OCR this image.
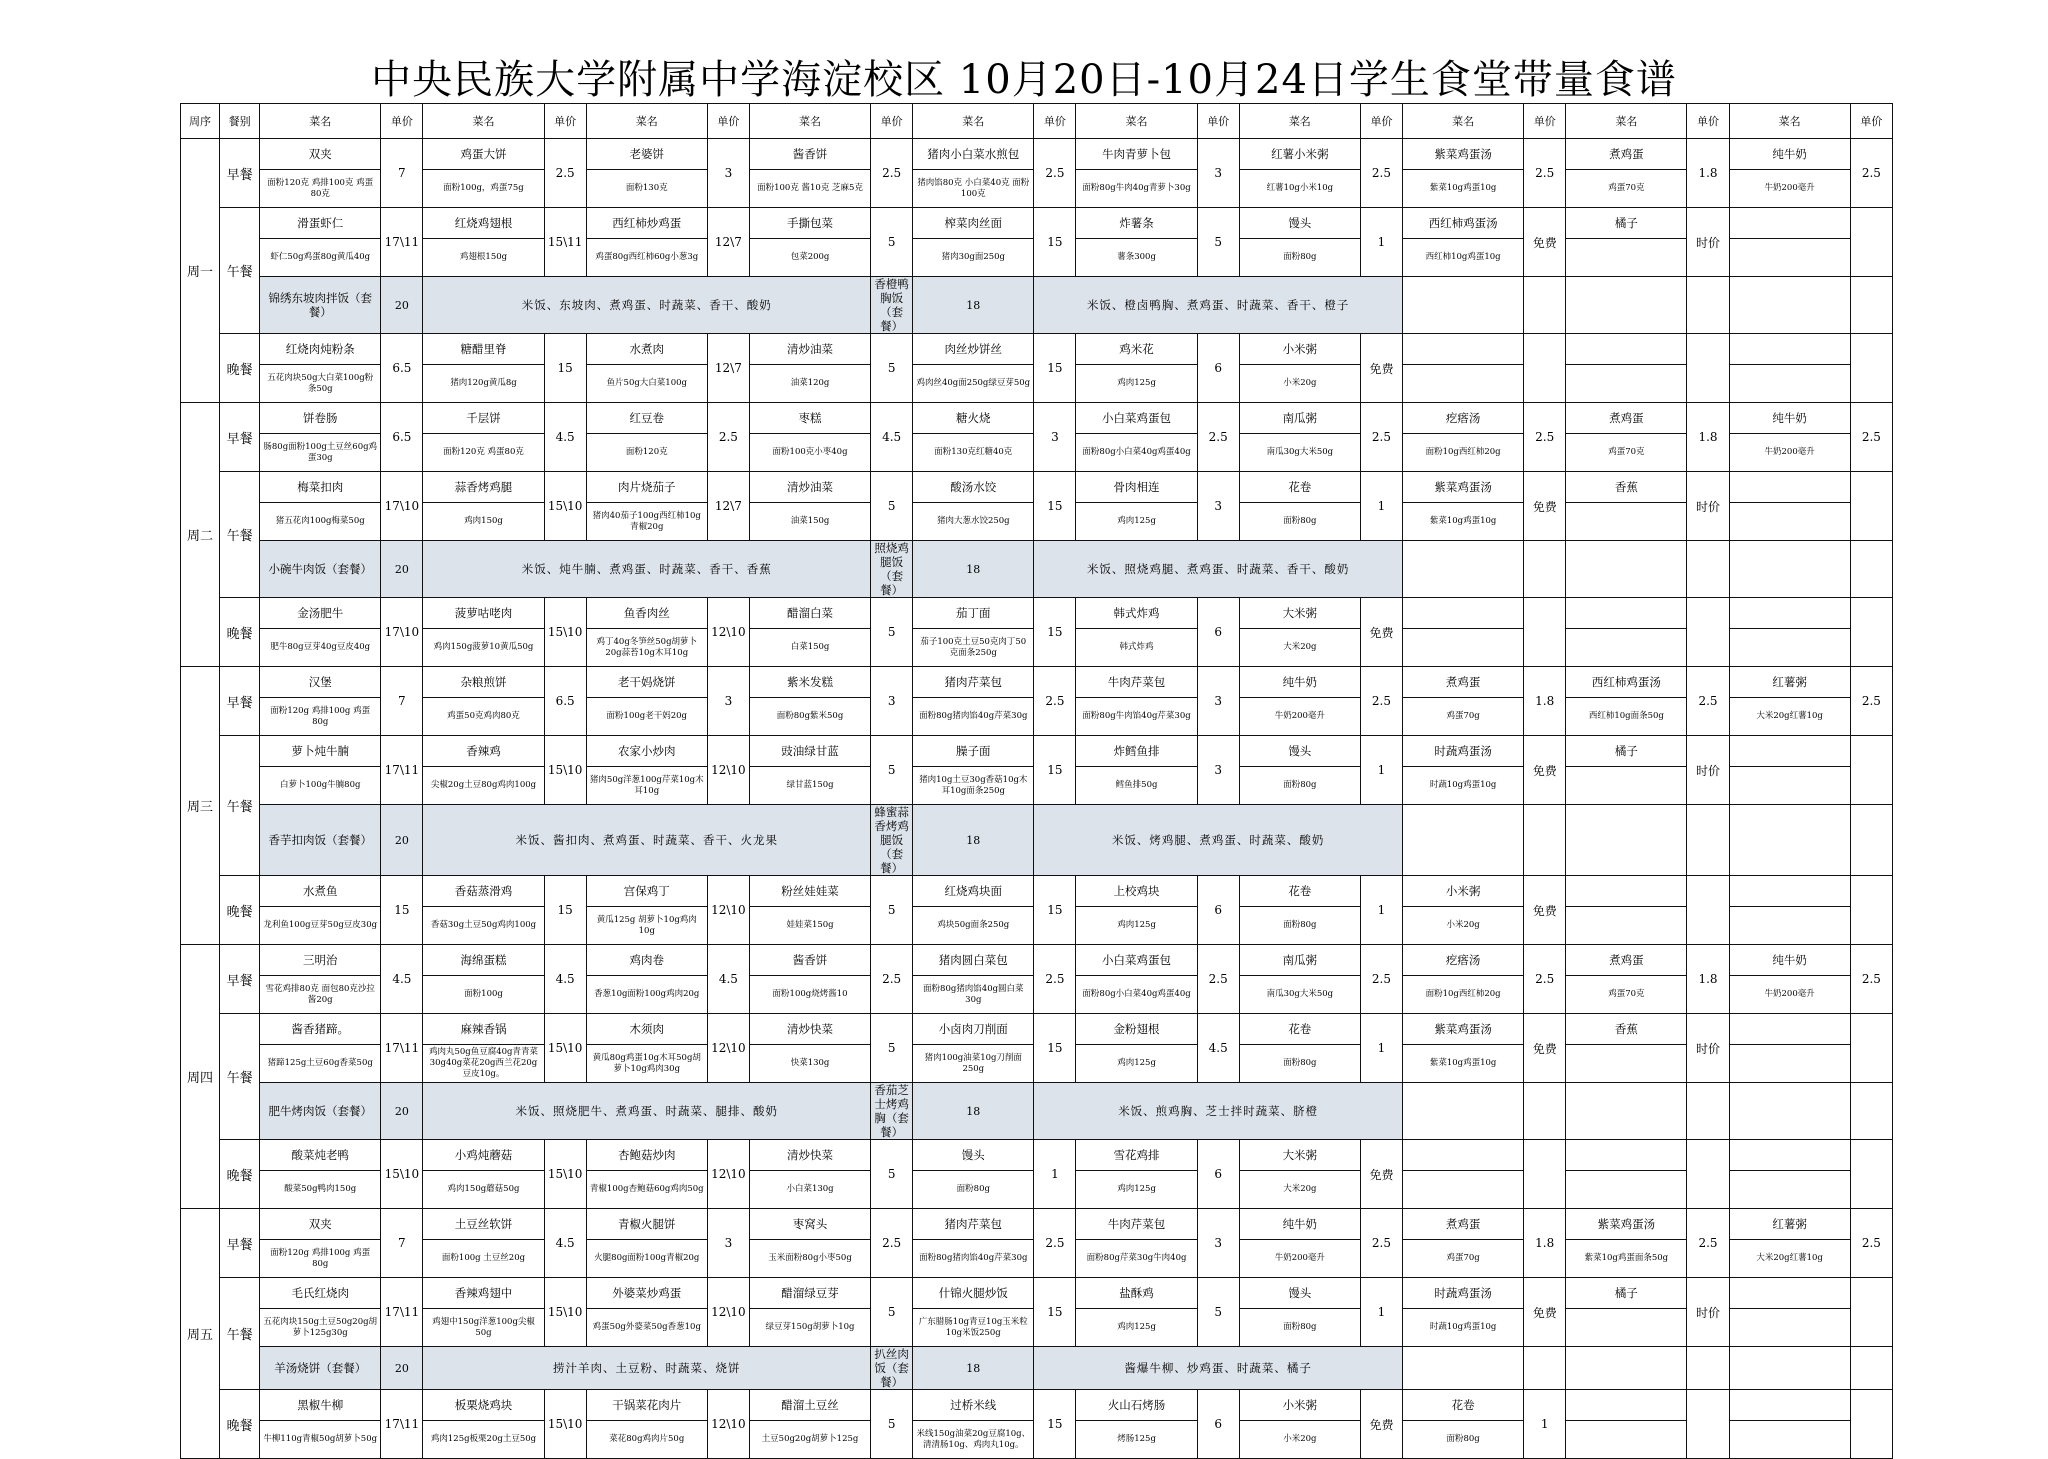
中央民族大学附属中学海淀校区 10月20日-10月24日学生食堂带量食谱
周序	餐别	菜名	单价	菜名	单价	菜名	单价	菜名	单价	菜名	单价	菜名	单价	菜名	单价	菜名	单价	菜名	单价	菜名	单价
周一	早餐	双夹	7	鸡蛋大饼	2.5	老婆饼	3	酱香饼	2.5	猪肉小白菜水煎包	2.5	牛肉青萝卜包	3	红薯小米粥	2.5	紫菜鸡蛋汤	2.5	煮鸡蛋	1.8	纯牛奶	2.5
		面粉120克 鸡排100克 鸡蛋80克		面粉100g，鸡蛋75g		面粉130克		面粉100克 酱10克 芝麻5克		猪肉馅80克 小白菜40克 面粉100克		面粉80g牛肉40g青萝卜30g		红薯10g小米10g		紫菜10g鸡蛋10g		鸡蛋70克		牛奶200毫升	
	午餐	滑蛋虾仁	17\11	红烧鸡翅根	15\11	西红柿炒鸡蛋	12\7	手撕包菜	5	榨菜肉丝面	15	炸薯条	5	馒头	1	西红柿鸡蛋汤	免费	橘子	时价		
		虾仁50g鸡蛋80g黄瓜40g		鸡翅根150g		鸡蛋80g西红柿60g小葱3g		包菜200g		猪肉30g面250g		薯条300g		面粉80g		西红柿10g鸡蛋10g					
		锦绣东坡肉拌饭（套餐）	20	米饭、东坡肉、煮鸡蛋、时蔬菜、香干、酸奶					香橙鸭胸饭（套餐）	18	米饭、橙卤鸭胸、煮鸡蛋、时蔬菜、香干、橙子										
	晚餐	红烧肉炖粉条	6.5	糖醋里脊	15	水煮肉	12\7	清炒油菜	5	肉丝炒饼丝	15	鸡米花	6	小米粥	免费						
		五花肉块50g大白菜100g粉条50g		猪肉120g黄瓜8g		鱼片50g大白菜100g		油菜120g		鸡肉丝40g面250g绿豆芽50g		鸡肉125g		小米20g							
周二	早餐	饼卷肠	6.5	千层饼	4.5	红豆卷	2.5	枣糕	4.5	糖火烧	3	小白菜鸡蛋包	2.5	南瓜粥	2.5	疙瘩汤	2.5	煮鸡蛋	1.8	纯牛奶	2.5
		肠80g面粉100g土豆丝60g鸡蛋30g		面粉120克 鸡蛋80克		面粉120克		面粉100克小枣40g		面粉130克红糖40克		面粉80g小白菜40g鸡蛋40g		南瓜30g大米50g		面粉10g西红柿20g		鸡蛋70克		牛奶200毫升	
	午餐	梅菜扣肉	17\10	蒜香烤鸡腿	15\10	肉片烧茄子	12\7	清炒油菜	5	酸汤水饺	15	骨肉相连	3	花卷	1	紫菜鸡蛋汤	免费	香蕉	时价		
		猪五花肉100g梅菜50g		鸡肉150g		猪肉40茄子100g西红柿10g青椒20g		油菜150g		猪肉大葱水饺250g		鸡肉125g		面粉80g		紫菜10g鸡蛋10g					
		小碗牛肉饭（套餐）	20	米饭、炖牛腩、煮鸡蛋、时蔬菜、香干、香蕉					照烧鸡腿饭（套餐）	18	米饭、照烧鸡腿、煮鸡蛋、时蔬菜、香干、酸奶										
	晚餐	金汤肥牛	17\10	菠萝咕咾肉	15\10	鱼香肉丝	12\10	醋溜白菜	5	茄丁面	15	韩式炸鸡	6	大米粥	免费						
		肥牛80g豆芽40g豆皮40g		鸡肉150g菠萝10黄瓜50g		鸡丁40g冬笋丝50g胡萝卜20g蒜苔10g木耳10g		白菜150g		茄子100克土豆50克肉丁50克面条250g		韩式炸鸡		大米20g							
周三	早餐	汉堡	7	杂粮煎饼	6.5	老干妈烧饼	3	紫米发糕	3	猪肉芹菜包	2.5	牛肉芹菜包	3	纯牛奶	2.5	煮鸡蛋	1.8	西红柿鸡蛋汤	2.5	红薯粥	2.5
		面粉120g 鸡排100g 鸡蛋80g		鸡蛋50克鸡肉80克		面粉100g老干妈20g		面粉80g紫米50g		面粉80g猪肉馅40g芹菜30g		面粉80g牛肉馅40g芹菜30g		牛奶200毫升		鸡蛋70g		西红柿10g面条50g		大米20g红薯10g	
	午餐	萝卜炖牛腩	17\11	香辣鸡	15\10	农家小炒肉	12\10	豉油绿甘蓝	5	臊子面	15	炸鳕鱼排	3	馒头	1	时蔬鸡蛋汤	免费	橘子	时价		
		白萝卜100g牛腩80g		尖椒20g土豆80g鸡肉100g		猪肉50g洋葱100g芹菜10g木耳10g		绿甘蓝150g		猪肉10g土豆30g香菇10g木耳10g面条250g		鳕鱼排50g		面粉80g		时蔬10g鸡蛋10g					
		香芋扣肉饭（套餐）	20	米饭、酱扣肉、煮鸡蛋、时蔬菜、香干、火龙果					蜂蜜蒜香烤鸡腿饭（套餐）	18	米饭、烤鸡腿、煮鸡蛋、时蔬菜、酸奶										
	晚餐	水煮鱼	15	香菇蒸滑鸡	15	宫保鸡丁	12\10	粉丝娃娃菜	5	红烧鸡块面	15	上校鸡块	6	花卷	1	小米粥	免费				
		龙利鱼100g豆芽50g豆皮30g		香菇30g土豆50g鸡肉100g		黄瓜125g 胡萝卜10g鸡肉10g		娃娃菜150g		鸡块50g面条250g		鸡肉125g		面粉80g		小米20g					
周四	早餐	三明治	4.5	海绵蛋糕	4.5	鸡肉卷	4.5	酱香饼	2.5	猪肉圆白菜包	2.5	小白菜鸡蛋包	2.5	南瓜粥	2.5	疙瘩汤	2.5	煮鸡蛋	1.8	纯牛奶	2.5
		雪花鸡排80克 面包80克沙拉酱20g		面粉100g		香葱10g面粉100g鸡肉20g		面粉100g烧烤酱10		面粉80g猪肉馅40g圆白菜30g		面粉80g小白菜40g鸡蛋40g		南瓜30g大米50g		面粉10g西红柿20g		鸡蛋70克		牛奶200毫升	
	午餐	酱香猪蹄。	17\11	麻辣香锅	15\10	木须肉	12\10	清炒快菜	5	小卤肉刀削面	15	金粉翅根	4.5	花卷	1	紫菜鸡蛋汤	免费	香蕉	时价		
		猪蹄125g土豆60g香菜50g		鸡肉丸50g鱼豆腐40g青青菜30g40g菜花20g西兰花20g豆皮10g。		黄瓜80g鸡蛋10g木耳50g胡萝卜10g鸡肉30g		快菜130g		猪肉100g油菜10g刀削面250g		鸡肉125g		面粉80g		紫菜10g鸡蛋10g					
		肥牛烤肉饭（套餐）	20	米饭、照烧肥牛、煮鸡蛋、时蔬菜、腿排、酸奶					香茄芝士烤鸡胸（套餐）	18	米饭、煎鸡胸、芝士拌时蔬菜、脐橙										
	晚餐	酸菜炖老鸭	15\10	小鸡炖蘑菇	15\10	杏鲍菇炒肉	12\10	清炒快菜	5	馒头	1	雪花鸡排	6	大米粥	免费						
		酸菜50g鸭肉150g		鸡肉150g蘑菇50g		青椒100g杏鲍菇60g鸡肉50g		小白菜130g		面粉80g		鸡肉125g		大米20g							
周五	早餐	双夹	7	土豆丝软饼	4.5	青椒火腿饼	3	枣窝头	2.5	猪肉芹菜包	2.5	牛肉芹菜包	3	纯牛奶	2.5	煮鸡蛋	1.8	紫菜鸡蛋汤	2.5	红薯粥	2.5
		面粉120g 鸡排100g 鸡蛋80g		面粉100g 土豆丝20g		火腿80g面粉100g青椒20g		玉米面粉80g小枣50g		面粉80g猪肉馅40g芹菜30g		面粉80g芹菜30g牛肉40g		牛奶200毫升		鸡蛋70g		紫菜10g鸡蛋面条50g		大米20g红薯10g	
	午餐	毛氏红烧肉	17\11	香辣鸡翅中	15\10	外婆菜炒鸡蛋	12\10	醋溜绿豆芽	5	什锦火腿炒饭	15	盐酥鸡	5	馒头	1	时蔬鸡蛋汤	免费	橘子	时价		
		五花肉块150g土豆50g20g胡萝卜125g30g		鸡翅中150g洋葱100g尖椒50g		鸡蛋50g外婆菜50g香葱10g		绿豆芽150g胡萝卜10g		广东腊肠10g青豆10g玉米粒10g米饭250g		鸡肉125g		面粉80g		时蔬10g鸡蛋10g					
		羊汤烧饼（套餐）	20	捞汁羊肉、土豆粉、时蔬菜、烧饼					扒丝肉饭（套餐）	18	酱爆牛柳、炒鸡蛋、时蔬菜、橘子										
	晚餐	黑椒牛柳	17\11	板栗烧鸡块	15\10	干锅菜花肉片	12\10	醋溜土豆丝	5	过桥米线	15	火山石烤肠	6	小米粥	免费	花卷	1				
		牛柳110g青椒50g胡萝卜50g		鸡肉125g板栗20g土豆50g		菜花80g鸡肉片50g		土豆50g20g胡萝卜125g		米线150g油菜20g豆腐10g、清清肠10g、鸡肉丸10g。		烤肠125g		小米20g		面粉80g					
